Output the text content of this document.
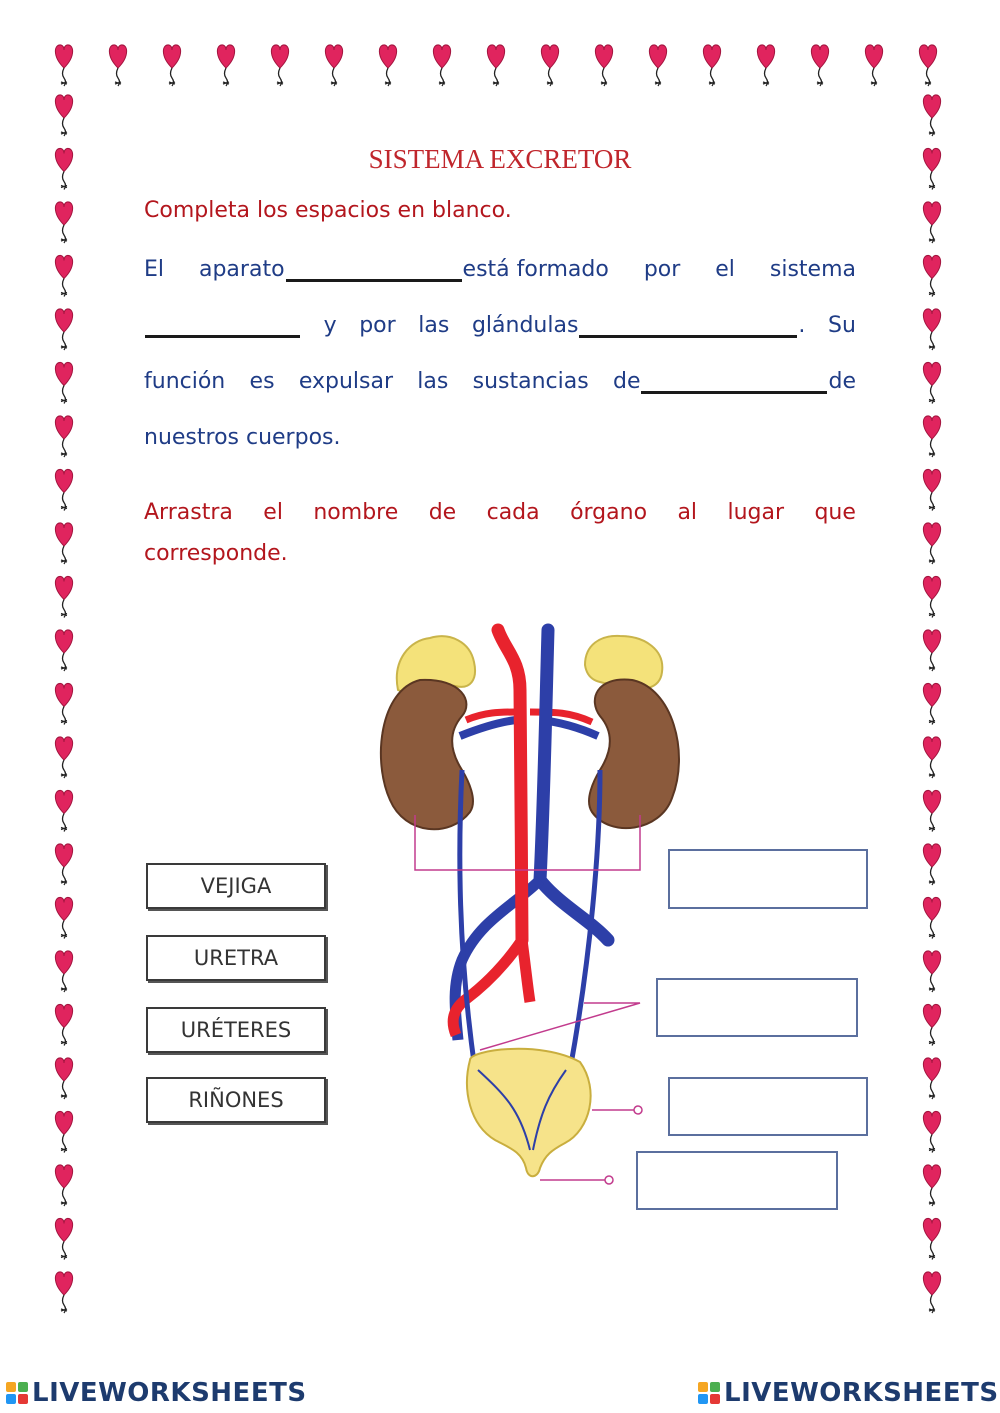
SISTEMA EXCRETOR
Completa los espacios en blanco.
El aparato	está formado por el sistema
y por las glándulas	. Su
función es expulsar las sustancias de	de
nuestros cuerpos.
Arrastra el nombre de cada órgano al lugar que
corresponde.
VEJIGA
URETRA
URÉTERES
RIÑONES
LIVEWORKSHEETS	LIVEWORKSHEETS
